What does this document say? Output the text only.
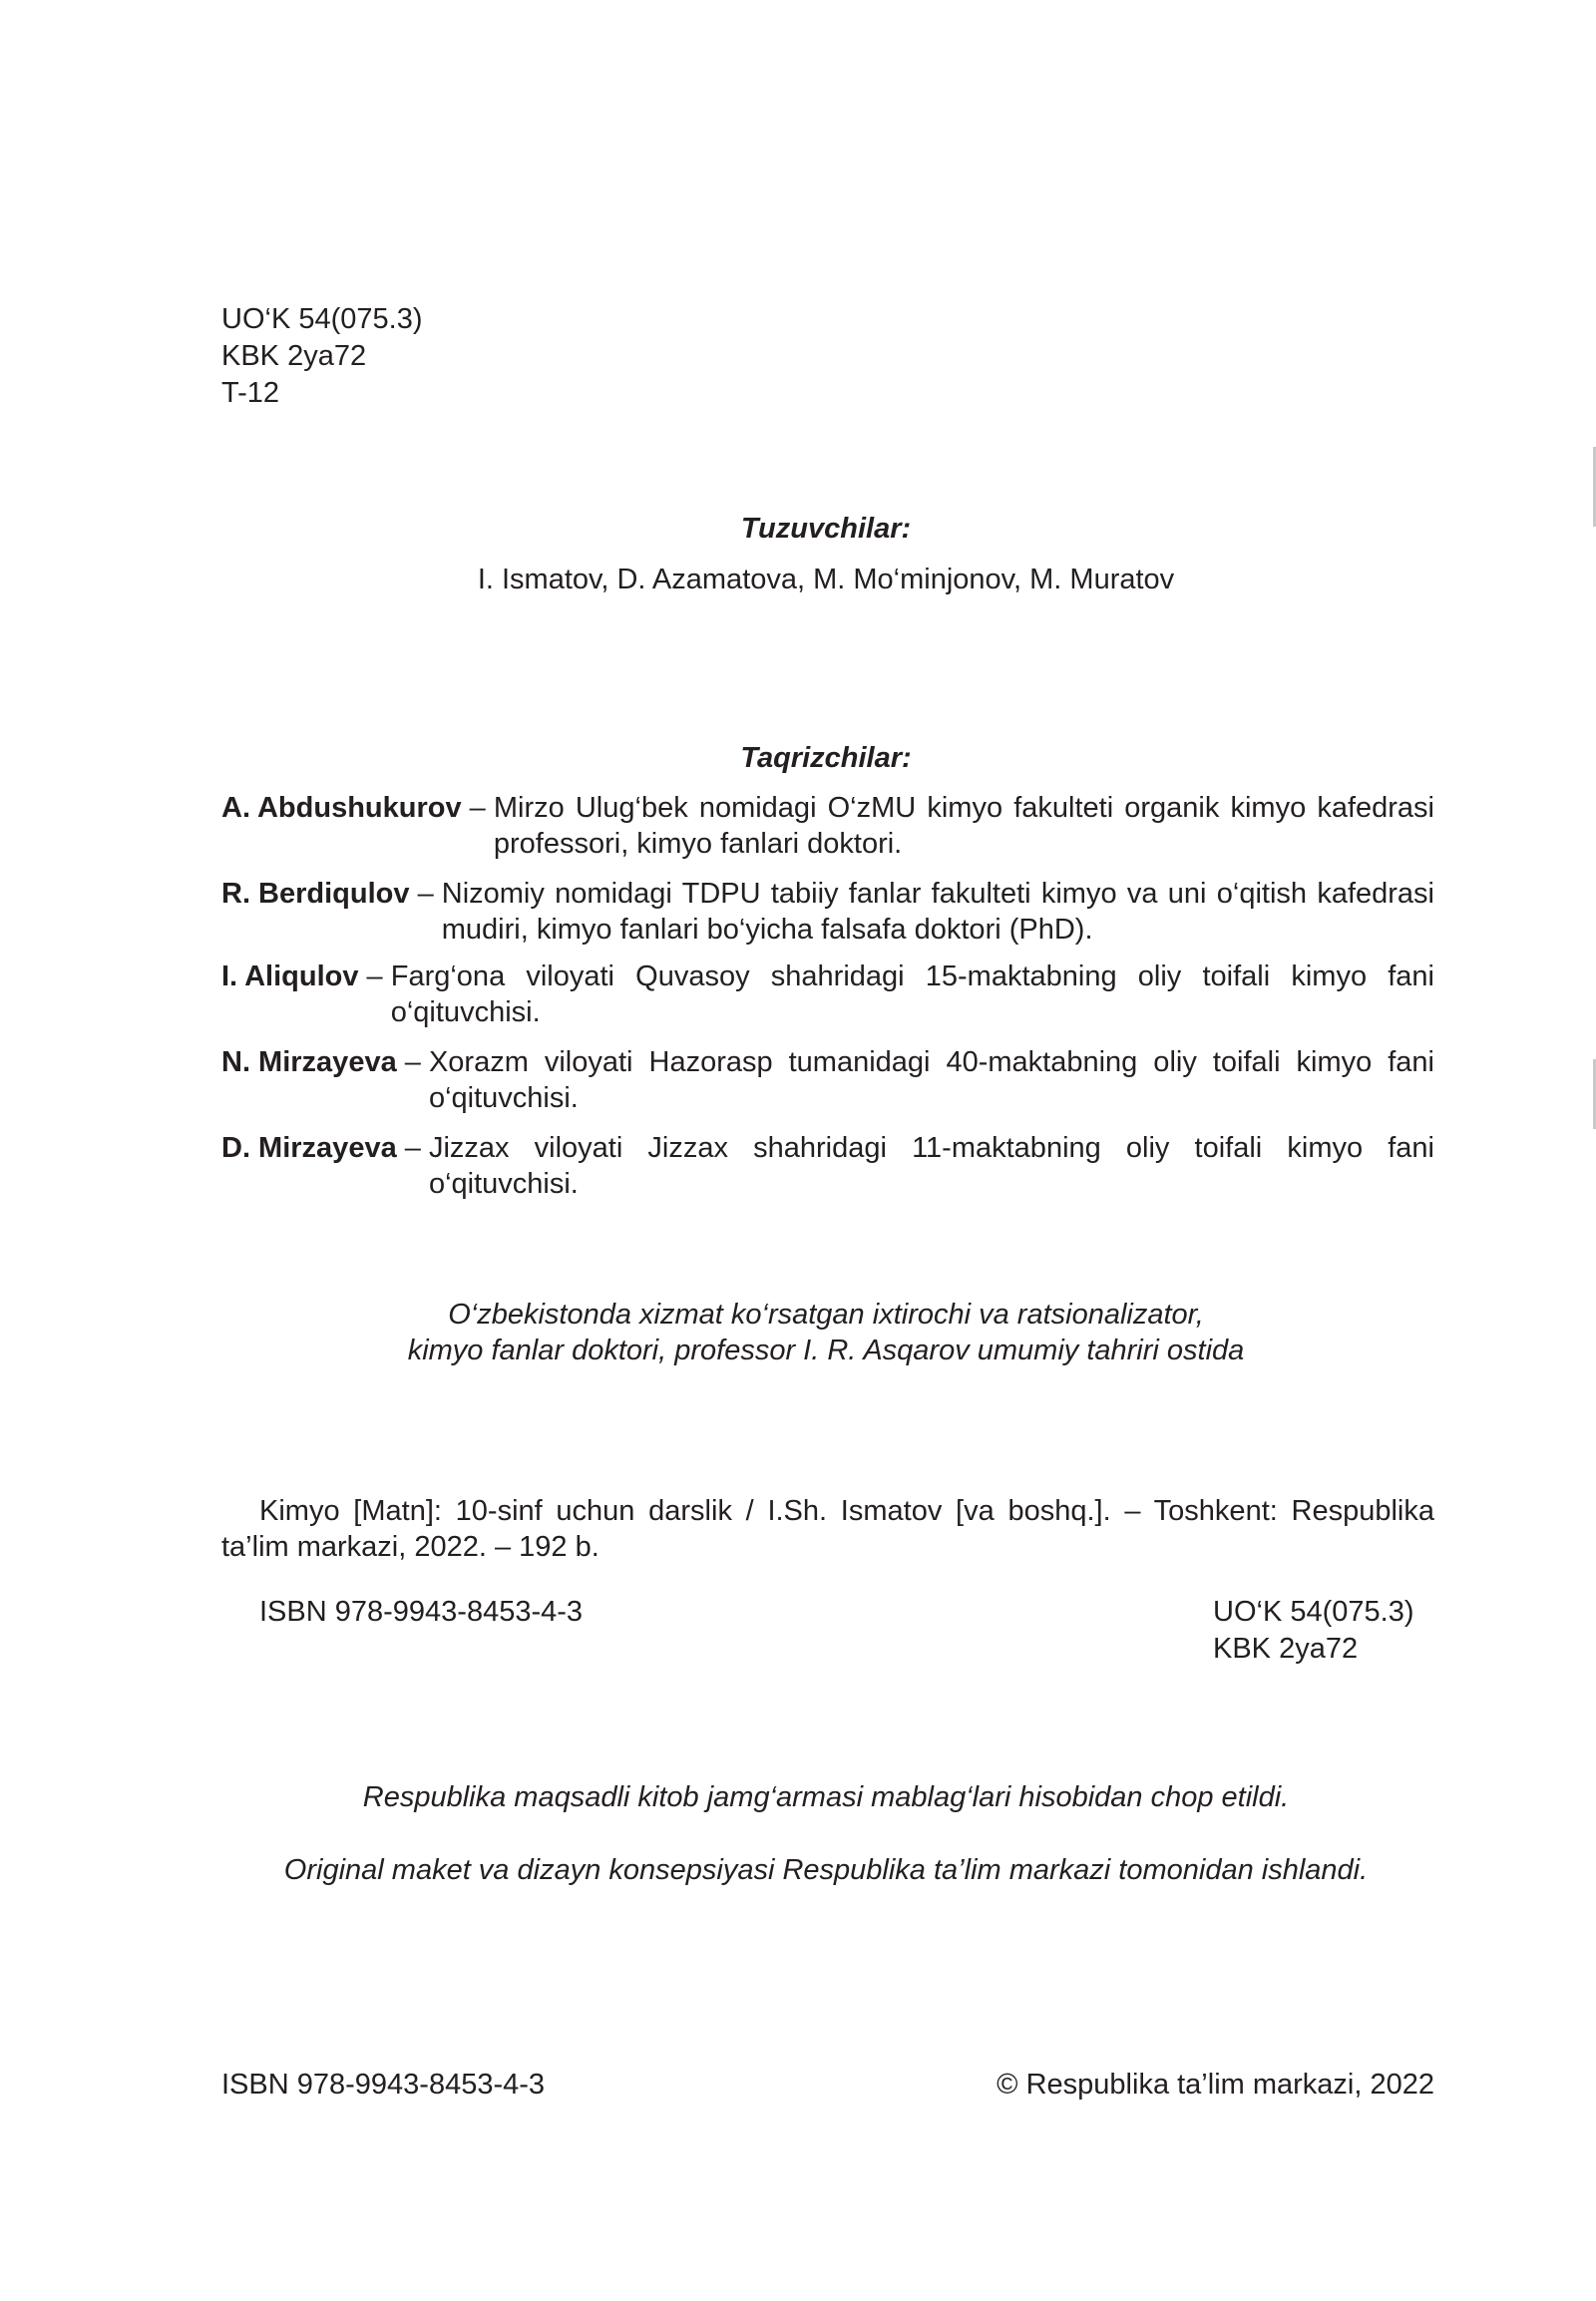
UO‘K 54(075.3)
KBK 2ya72
T-12
Tuzuvchilar:
I. Ismatov, D. Azamatova, M. Mo‘minjonov, M. Muratov
Taqrizchilar:
A. Abdushukurov – Mirzo Ulug‘bek nomidagi O‘zMU kimyo fakulteti organik kimyo kafedrasi professori, kimyo fanlari doktori.
R. Berdiqulov – Nizomiy nomidagi TDPU tabiiy fanlar fakulteti kimyo va uni o‘qitish kafedrasi mudiri, kimyo fanlari bo‘yicha falsafa doktori (PhD).
I. Aliqulov – Farg‘ona viloyati Quvasoy shahridagi 15-maktabning oliy toifali kimyo fani o‘qituvchisi.
N. Mirzayeva – Xorazm viloyati Hazorasp tumanidagi 40-maktabning oliy toifali kimyo fani o‘qituvchisi.
D. Mirzayeva – Jizzax viloyati Jizzax shahridagi 11-maktabning oliy toifali kimyo fani o‘qituvchisi.
O‘zbekistonda xizmat ko‘rsatgan ixtirochi va ratsionalizator,
kimyo fanlar doktori, professor I. R. Asqarov umumiy tahriri ostida
Kimyo [Matn]: 10-sinf uchun darslik / I.Sh. Ismatov [va boshq.]. – Toshkent: Respublika ta’lim markazi, 2022. – 192 b.
ISBN 978-9943-8453-4-3	UO‘K 54(075.3)
KBK 2ya72
Respublika maqsadli kitob jamg‘armasi mablag‘lari hisobidan chop etildi.
Original maket va dizayn konsepsiyasi Respublika ta’lim markazi tomonidan ishlandi.
ISBN 978-9943-8453-4-3	© Respublika ta’lim markazi, 2022
